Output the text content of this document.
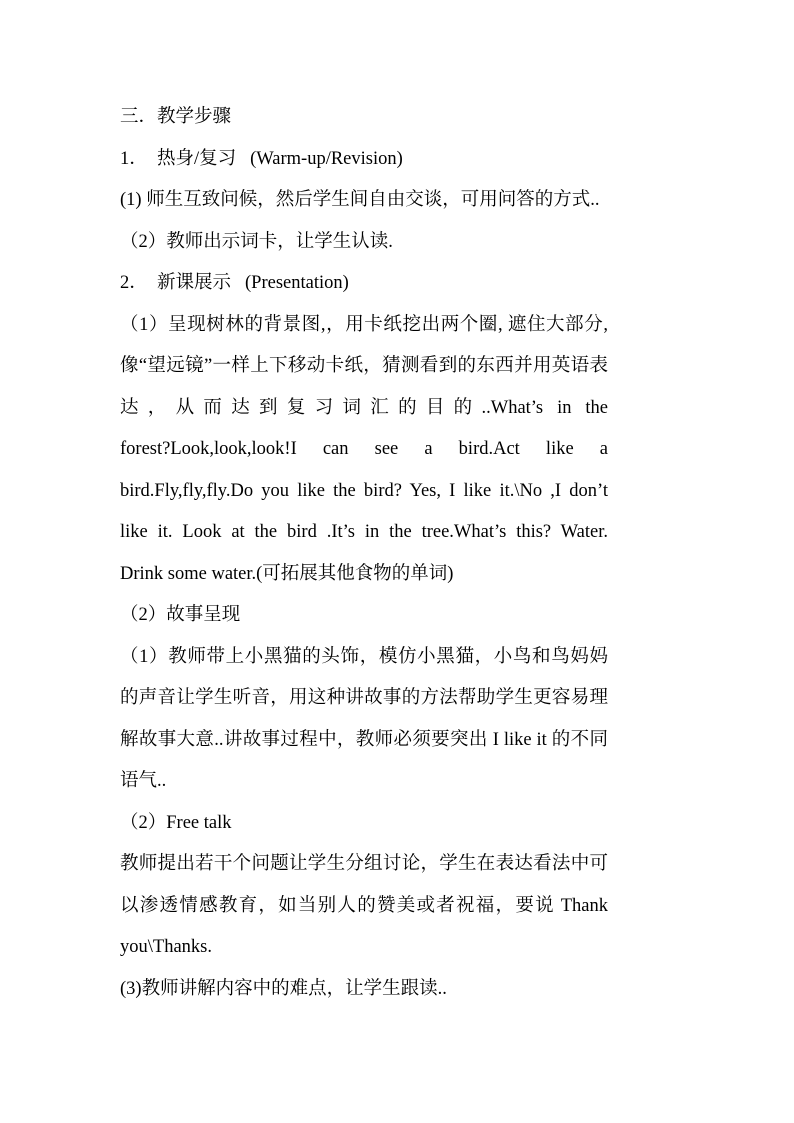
三．教学步骤
1． 热身/复习 (Warm-up/Revision)
(1) 师生互致问候，然后学生间自由交谈，可用问答的方式..
（2）教师出示词卡，让学生认读.
2． 新课展示 (Presentation)
（1）呈现树林的背景图,，用卡纸挖出两个圈, 遮住大部分,
像“望远镜”一样上下移动卡纸，猜测看到的东西并用英语表
达，从而达到复习词汇的目的..What’s in the
forest?Look,look,look!I can see a bird.Act like a
bird.Fly,fly,fly.Do you like the bird? Yes, I like it.\No ,I don’t
like it. Look at the bird .It’s in the tree.What’s this? Water.
Drink some water.(可拓展其他食物的单词)
（2）故事呈现
（1）教师带上小黑猫的头饰，模仿小黑猫，小鸟和鸟妈妈
的声音让学生听音，用这种讲故事的方法帮助学生更容易理
解故事大意..讲故事过程中，教师必须要突出 I like it 的不同
语气..
（2）Free talk
教师提出若干个问题让学生分组讨论，学生在表达看法中可
以渗透情感教育，如当别人的赞美或者祝福，要说 Thank
you\Thanks.
(3)教师讲解内容中的难点，让学生跟读..
